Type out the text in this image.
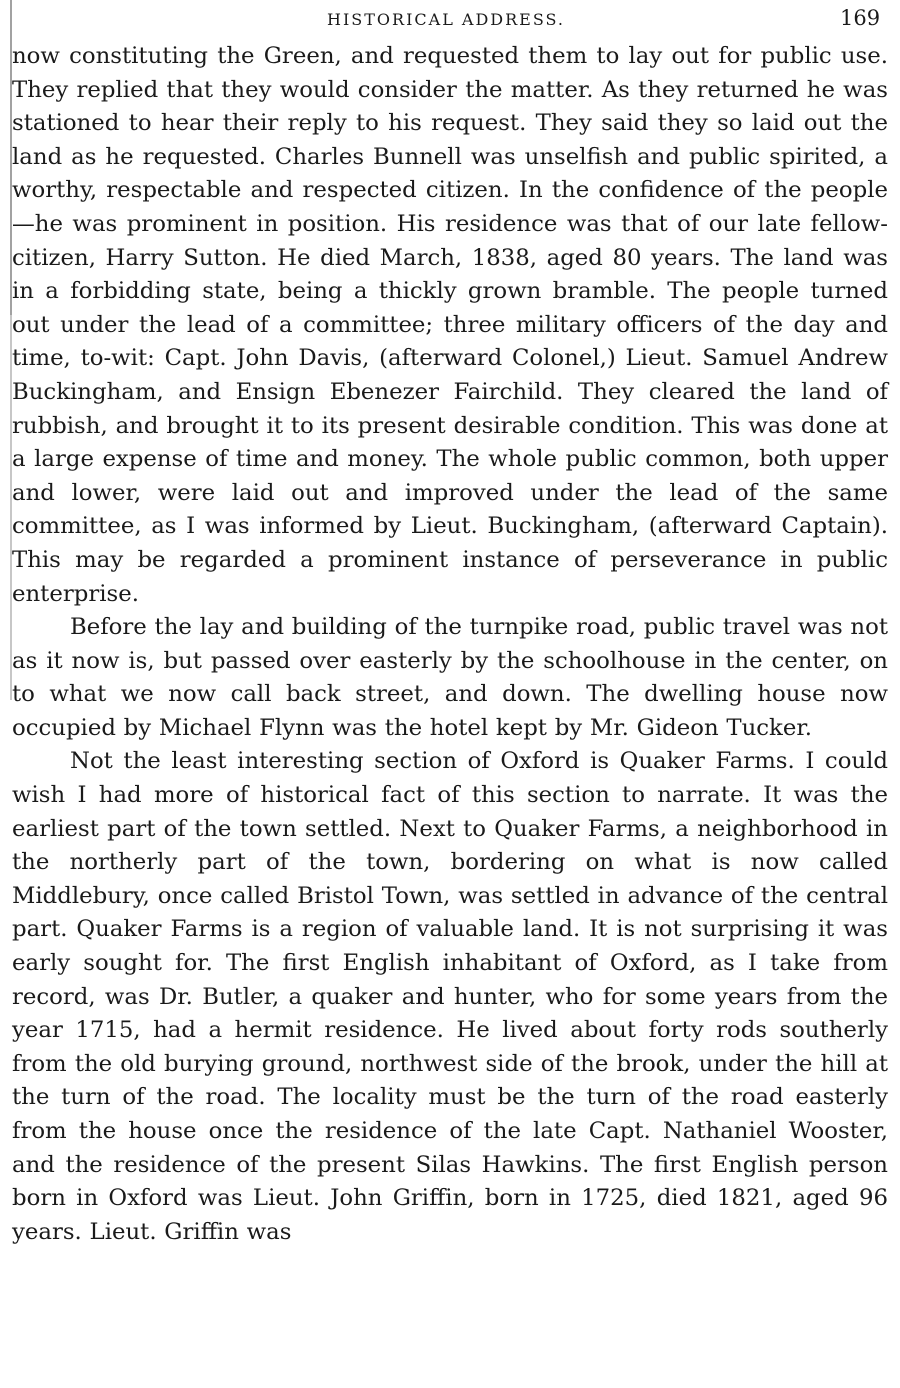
HISTORICAL ADDRESS.	169

now constituting the Green, and requested them to lay out for public use. They replied that they would consider the matter. As they returned he was stationed to hear their reply to his request. They said they so laid out the land as he requested. Charles Bunnell was unselfish and public spirited, a worthy, respectable and respected citizen. In the confidence of the people—he was prominent in position. His residence was that of our late fellow-citizen, Harry Sutton. He died March, 1838, aged 80 years. The land was in a forbidding state, being a thickly grown bramble. The people turned out under the lead of a committee; three military officers of the day and time, to-wit: Capt. John Davis, (afterward Colonel,) Lieut. Samuel Andrew Buckingham, and Ensign Ebenezer Fairchild. They cleared the land of rubbish, and brought it to its present desirable condition. This was done at a large expense of time and money. The whole public common, both upper and lower, were laid out and improved under the lead of the same committee, as I was informed by Lieut. Buckingham, (afterward Captain). This may be regarded a prominent instance of perseverance in public enterprise.

Before the lay and building of the turnpike road, public travel was not as it now is, but passed over easterly by the schoolhouse in the center, on to what we now call back street, and down. The dwelling house now occupied by Michael Flynn was the hotel kept by Mr. Gideon Tucker.

Not the least interesting section of Oxford is Quaker Farms. I could wish I had more of historical fact of this section to narrate. It was the earliest part of the town settled. Next to Quaker Farms, a neighborhood in the northerly part of the town, bordering on what is now called Middlebury, once called Bristol Town, was settled in advance of the central part. Quaker Farms is a region of valuable land. It is not surprising it was early sought for. The first English inhabitant of Oxford, as I take from record, was Dr. Butler, a quaker and hunter, who for some years from the year 1715, had a hermit residence. He lived about forty rods southerly from the old burying ground, northwest side of the brook, under the hill at the turn of the road. The locality must be the turn of the road easterly from the house once the residence of the late Capt. Nathaniel Wooster, and the residence of the present Silas Hawkins. The first English person born in Oxford was Lieut. John Griffin, born in 1725, died 1821, aged 96 years. Lieut. Griffin was
